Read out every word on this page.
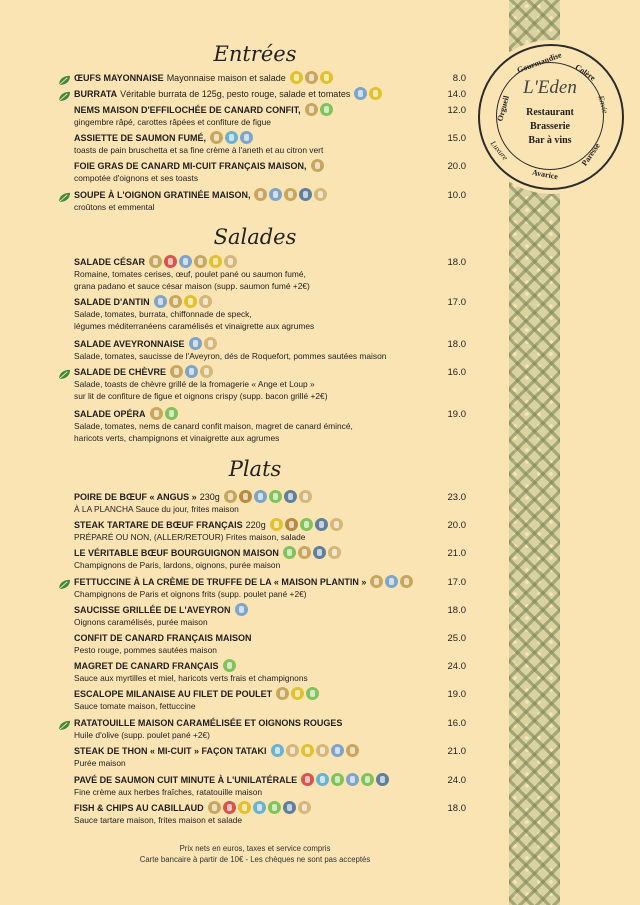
Orgueil
Gourmandise Colère
Envie
Paresse
Avarice
Luxure
L'Eden
Restaurant
Brasserie
Bar à vins
Entrées
Salades
Plats
ŒUFS MAYONNAISE Mayonnaise maison et salade	8.0
BURRATA Véritable burrata de 125g, pesto rouge, salade et tomates	14.0
NEMS MAISON D'EFFILOCHÉE DE CANARD CONFIT,	12.0
gingembre râpé, carottes râpées et confiture de figue
ASSIETTE DE SAUMON FUMÉ,	15.0
toasts de pain bruschetta et sa fine crème à l'aneth et au citron vert
FOIE GRAS DE CANARD MI-CUIT FRANÇAIS MAISON,	20.0
compotée d'oignons et ses toasts
SOUPE À L'OIGNON GRATINÉE MAISON,	10.0
croûtons et emmental
SALADE CÉSAR	18.0
Romaine, tomates cerises, œuf, poulet pané ou saumon fumé,
grana padano et sauce césar maison (supp. saumon fumé +2€)
SALADE D'ANTIN	17.0
Salade, tomates, burrata, chiffonnade de speck,
légumes méditerranéens caramélisés et vinaigrette aux agrumes
SALADE AVEYRONNAISE	18.0
Salade, tomates, saucisse de l'Aveyron, dés de Roquefort, pommes sautées maison
SALADE DE CHÈVRE	16.0
Salade, toasts de chèvre grillé de la fromagerie « Ange et Loup »
sur lit de confiture de figue et oignons crispy (supp. bacon grillé +2€)
SALADE OPÉRA	19.0
Salade, tomates, nems de canard confit maison, magret de canard émincé,
haricots verts, champignons et vinaigrette aux agrumes
POIRE DE BŒUF « ANGUS » 230g	23.0
À LA PLANCHA Sauce du jour, frites maison
STEAK TARTARE DE BŒUF FRANÇAIS 220g	20.0
PRÉPARÉ OU NON, (ALLER/RETOUR) Frites maison, salade
LE VÉRITABLE BŒUF BOURGUIGNON MAISON	21.0
Champignons de Paris, lardons, oignons, purée maison
FETTUCCINE À LA CRÈME DE TRUFFE DE LA « MAISON PLANTIN »	17.0
Champignons de Paris et oignons frits (supp. poulet pané +2€)
SAUCISSE GRILLÉE DE L'AVEYRON	18.0
Oignons caramélisés, purée maison
CONFIT DE CANARD FRANÇAIS MAISON	25.0
Pesto rouge, pommes sautées maison
MAGRET DE CANARD FRANÇAIS	24.0
Sauce aux myrtilles et miel, haricots verts frais et champignons
ESCALOPE MILANAISE AU FILET DE POULET	19.0
Sauce tomate maison, fettuccine
RATATOUILLE MAISON CARAMÉLISÉE ET OIGNONS ROUGES	16.0
Huile d'olive (supp. poulet pané +2€)
STEAK DE THON « MI-CUIT » FAÇON TATAKI	21.0
Purée maison
PAVÉ DE SAUMON CUIT MINUTE À L'UNILATÉRALE	24.0
Fine crème aux herbes fraîches, ratatouille maison
FISH & CHIPS AU CABILLAUD	18.0
Sauce tartare maison, frites maison et salade
Prix nets en euros, taxes et service compris
Carte bancaire à partir de 10€ - Les chèques ne sont pas acceptés
